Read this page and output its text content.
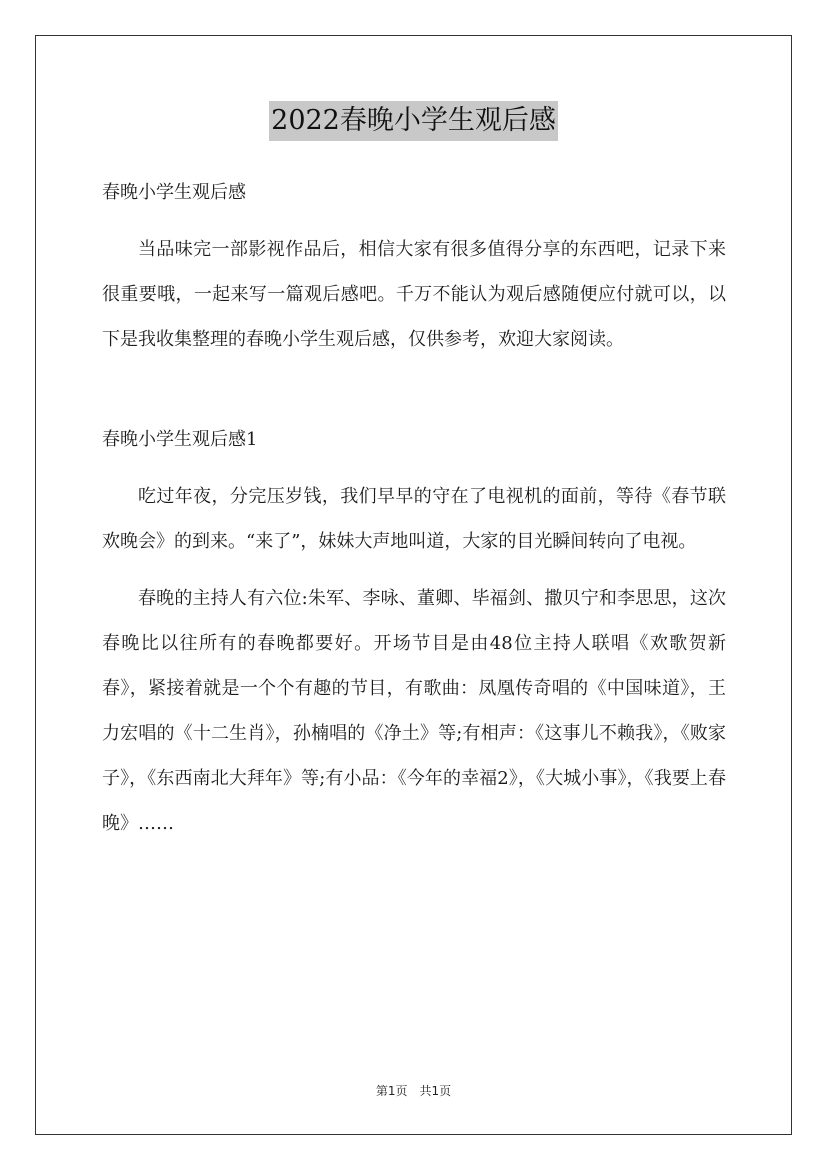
2022春晚小学生观后感

春晚小学生观后感

当品味完一部影视作品后，相信大家有很多值得分享的东西吧，记录下来很重要哦，一起来写一篇观后感吧。千万不能认为观后感随便应付就可以，以下是我收集整理的春晚小学生观后感，仅供参考，欢迎大家阅读。

春晚小学生观后感1

吃过年夜，分完压岁钱，我们早早的守在了电视机的面前，等待《春节联欢晚会》的到来。“来了”，妹妹大声地叫道，大家的目光瞬间转向了电视。

春晚的主持人有六位:朱军、李咏、董卿、毕福剑、撒贝宁和李思思，这次春晚比以往所有的春晚都要好。开场节目是由48位主持人联唱《欢歌贺新春》，紧接着就是一个个有趣的节目，有歌曲：凤凰传奇唱的《中国味道》，王力宏唱的《十二生肖》，孙楠唱的《净土》等;有相声：《这事儿不赖我》，《败家子》，《东西南北大拜年》等;有小品：《今年的幸福2》，《大城小事》，《我要上春晚》……

第1页　共1页
